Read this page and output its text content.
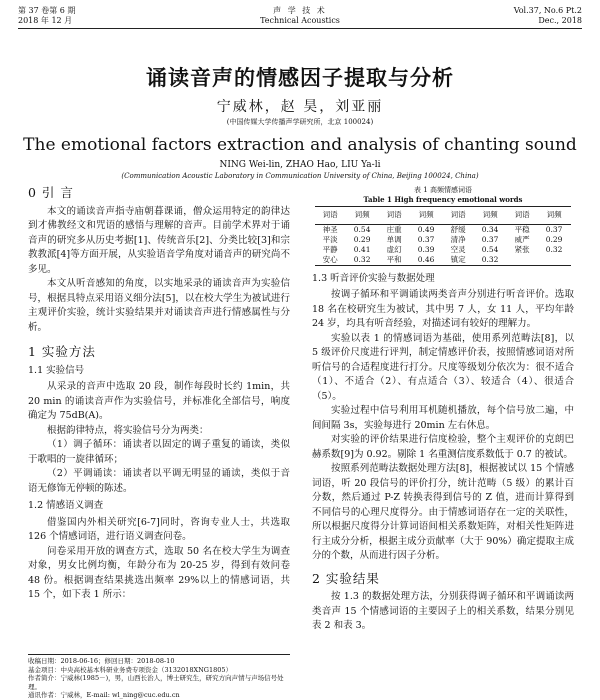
第 37 卷第 6 期
2018 年 12 月
声 学 技 术
Technical Acoustics
Vol.37, No.6 Pt.2
Dec., 2018
诵读音声的情感因子提取与分析
宁威林，赵 昊，刘亚丽
(中国传媒大学传播声学研究所，北京 100024)
The emotional factors extraction and analysis of chanting sound
NING Wei-lin, ZHAO Hao, LIU Ya-li
(Communication Acoustic Laboratory in Communication University of China, Beijing 100024, China)
0 引 言

本文的诵读音声指寺庙朝暮课诵，僧众运用特定的韵律达到才佛教经文和咒语的感悟与理解的音声。目前学术界对于诵音声的研究多从历史考据[1]、传统音乐[2]、分类比较[3]和宗教教派[4]等方面开展，从实验语音学角度对诵音声的研究尚不多见。

本文从听音感知的角度，以实地采录的诵读音声为实验信号，根据具特点采用语义细分法[5]，以在校大学生为被试进行主观评价实验，统计实验结果并对诵读音声进行情感属性与分析。

1 实验方法
1.1 实验信号

从采录的音声中选取 20 段，制作每段时长约 1min，共 20 min 的诵读音声作为实验信号，并标准化全部信号，响度确定为 75dB(A)。

根据韵律特点，将实验信号分为两类：

（1）调子循环：诵读者以固定的调子重复的诵读，类似于歌唱的一旋律循环；

（2）平调诵读：诵读者以平调无明显的诵读，类似于音语无修饰无停顿的陈述。

1.2 情感语义调查

借鉴国内外相关研究[6-7]同时，咨询专业人士，共选取 126 个情感词语，进行语义调查问卷。

问卷采用开放的调查方式，选取 50 名在校大学生为调查对象，男女比例均衡，年龄分布为 20-25 岁，得到有效问卷 48 份。根据调查结果挑选出频率 29%以上的情感词语，共 15 个，如下表 1 所示：

表 1 高频情感词语
Table 1 High frequency emotional words
词语	词频	词语	词频	词语	词频	词语	词频
神圣	0.54	庄重	0.49	舒缓	0.34	平稳	0.37
平淡	0.29	单调	0.37	清净	0.37	威严	0.29
平静	0.41	虚幻	0.39	空灵	0.54	紧张	0.32
安心	0.32	平和	0.46	镇定	0.32		
1.3 听音评价实验与数据处理

按调子循环和平调诵读两类音声分别进行听音评价。选取 18 名在校研究生为被试，其中男 7 人，女 11 人，平均年龄 24 岁，均具有听音经验，对描述词有较好的理解力。

实验以表 1 的情感词语为基础，使用系列范畴法[8]，以 5 级评价尺度进行评判，制定情感评价表，按照情感词语对所听信号的合适程度进行打分。尺度等级划分依次为：很不适合（1）、不适合（2）、有点适合（3）、较适合（4）、很适合（5）。

实验过程中信号利用耳机随机播放，每个信号放二遍，中间间隔 3s，实验每进行 20min 左右休息。

对实验的评价结果进行信度检验，整个主观评价的克朗巴赫系数[9]为 0.92。剔除 1 名重测信度系数低于 0.7 的被试。

按照系列范畴法数据处理方法[8]，根据被试以 15 个情感词语，听 20 段信号的评价打分，统计范畴（5 级）的累计百分数，然后通过 P-Z 转换表得到信号的 Z 值，进而计算得到不同信号的心理尺度得分。由于情感词语存在一定的关联性，所以根据尺度得分计算词语间相关系数矩阵，对相关性矩阵进行主成分分析，根据主成分贡献率（大于 90%）确定提取主成分的个数，从而进行因子分析。

2 实验结果

按 1.3 的数据处理方法，分别获得调子循环和平调诵读两类音声 15 个情感词语的主要因子上的相关系数，结果分别见表 2 和表 3。

收稿日期：2018-06-16；修回日期：2018-08-10
基金项目：中央高校基本科研业务费专项资金（3132018XNG1805）
作者简介：宁威林(1985－)，男，山西长治人，博士研究生，研究方向声情与声场信号处理。
通讯作者：宁威林，E-mail: wl_ning@cuc.edu.cn
